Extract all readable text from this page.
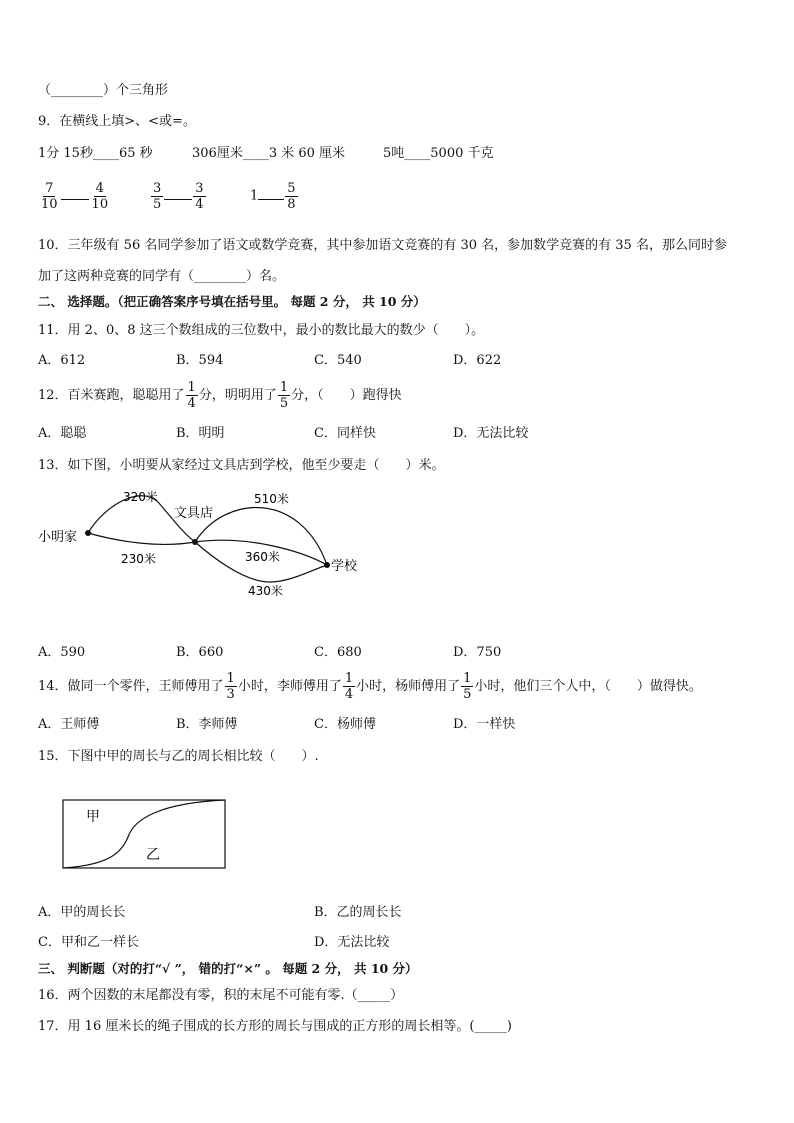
（________）个三角形
9．在横线上填>、<或=。
1分 15秒____65 秒	306厘米____3 米 60 厘米	5吨____5000 千克
$\frac{7}{10} \frac{4}{10}$	$\frac{3}{5} \frac{3}{4}$	$1 \frac{5}{8}$
10．三年级有 56 名同学参加了语文或数学竞赛，其中参加语文竞赛的有 30 名，参加数学竞赛的有 35 名，那么同时参
加了这两种竞赛的同学有（________）名。
二、 选择题。（把正确答案序号填在括号里。 每题 2 分， 共 10 分）
11．用 2、0、8 这三个数组成的三位数中，最小的数比最大的数少（　　）。
A．612	B．594	C．540	D．622
12．百米赛跑，聪聪用了 $\frac{1}{4}$ 分，明明用了 $\frac{1}{5}$ 分，（　　）跑得快
A．聪聪	B．明明	C．同样快	D．无法比较
13．如下图，小明要从家经过文具店到学校，他至少要走（　　）米。
小明家
文具店
学校
320米
230米
510米
360米
430米
A．590	B．660	C．680	D．750
14．做同一个零件，王师傅用了 $\frac{1}{3}$ 小时，李师傅用了 $\frac{1}{4}$ 小时，杨师傅用了 $\frac{1}{5}$ 小时，他们三个人中，（　　）做得快。
A．王师傅	B．李师傅	C．杨师傅	D．一样快
15．下图中甲的周长与乙的周长相比较（　　）.
甲
乙
A．甲的周长长	B．乙的周长长
C．甲和乙一样长	D．无法比较
三、 判断题（对的打“√ ”， 错的打“×” 。 每题 2 分， 共 10 分）
16．两个因数的末尾都没有零，积的末尾不可能有零.（_____）
17．用 16 厘米长的绳子围成的长方形的周长与围成的正方形的周长相等。(_____)
